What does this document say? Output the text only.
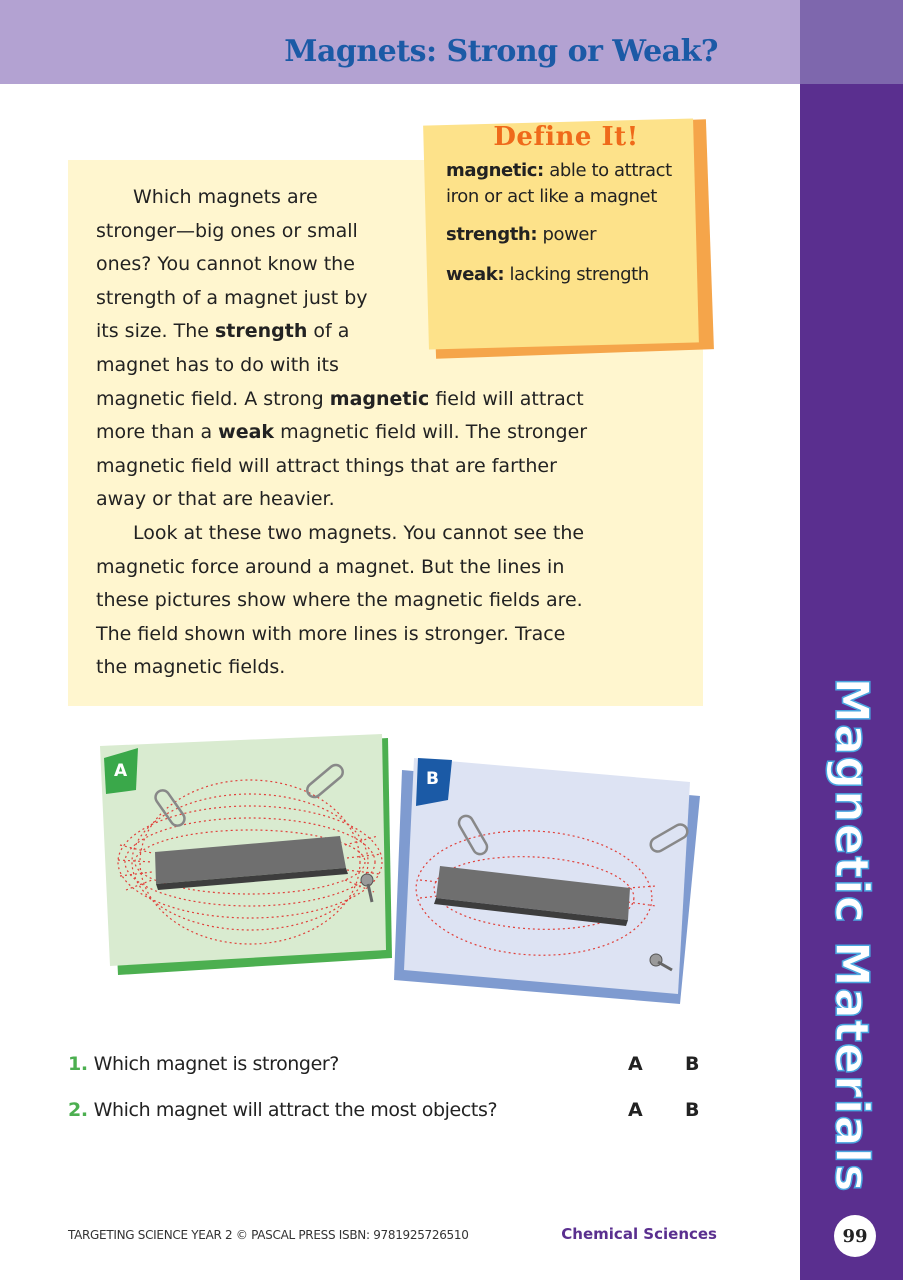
Magnets: Strong or Weak?
Magnetic Materials
99
Define It!
magnetic: able to attract
iron or act like a magnet
strength: power
weak: lacking strength
Which magnets are
stronger—big ones or small
ones? You cannot know the
strength of a magnet just by
its size. The strength of a
magnet has to do with its
magnetic field. A strong magnetic field will attract
more than a weak magnetic field will. The stronger
magnetic field will attract things that are farther
away or that are heavier.
Look at these two magnets. You cannot see the
magnetic force around a magnet. But the lines in
these pictures show where the magnetic fields are.
The field shown with more lines is stronger. Trace
the magnetic fields.
A	B
1. Which magnet is stronger?	A B
2. Which magnet will attract the most objects?	A B
TARGETING SCIENCE YEAR 2 © PASCAL PRESS ISBN: 9781925726510	Chemical Sciences
